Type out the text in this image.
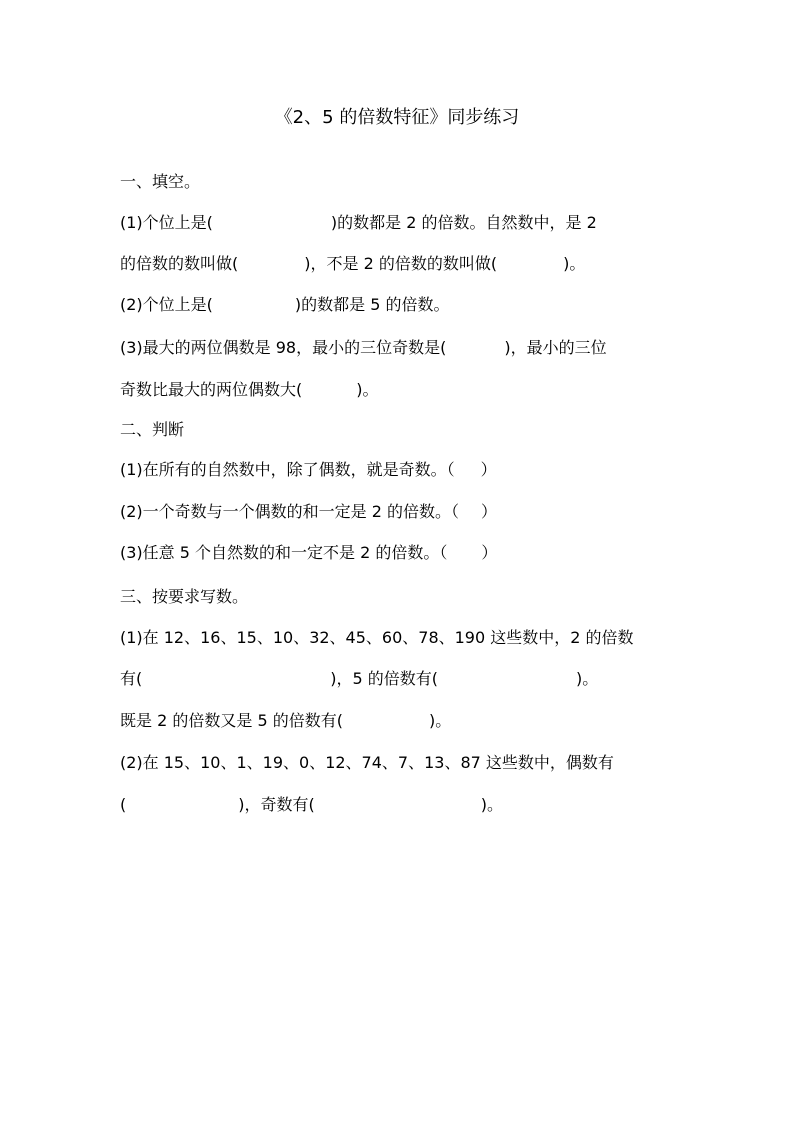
《2、5 的倍数特征》同步练习
一、填空。
(1)个位上是(	)的数都是 2 的倍数。自然数中，是 2
的倍数的数叫做(	)，不是 2 的倍数的数叫做(	)。
(2)个位上是(	)的数都是 5 的倍数。
(3)最大的两位偶数是 98，最小的三位奇数是(	)，最小的三位
奇数比最大的两位偶数大(	)。
二、判断
(1)在所有的自然数中，除了偶数，就是奇数。（ ）
(2)一个奇数与一个偶数的和一定是 2 的倍数。（ ）
(3)任意 5 个自然数的和一定不是 2 的倍数。（ ）
三、按要求写数。
(1)在 12、16、15、10、32、45、60、78、190 这些数中，2 的倍数
有(	)，5 的倍数有(	)。
既是 2 的倍数又是 5 的倍数有(	)。
(2)在 15、10、1、19、0、12、74、7、13、87 这些数中，偶数有
(	)，奇数有(	)。
